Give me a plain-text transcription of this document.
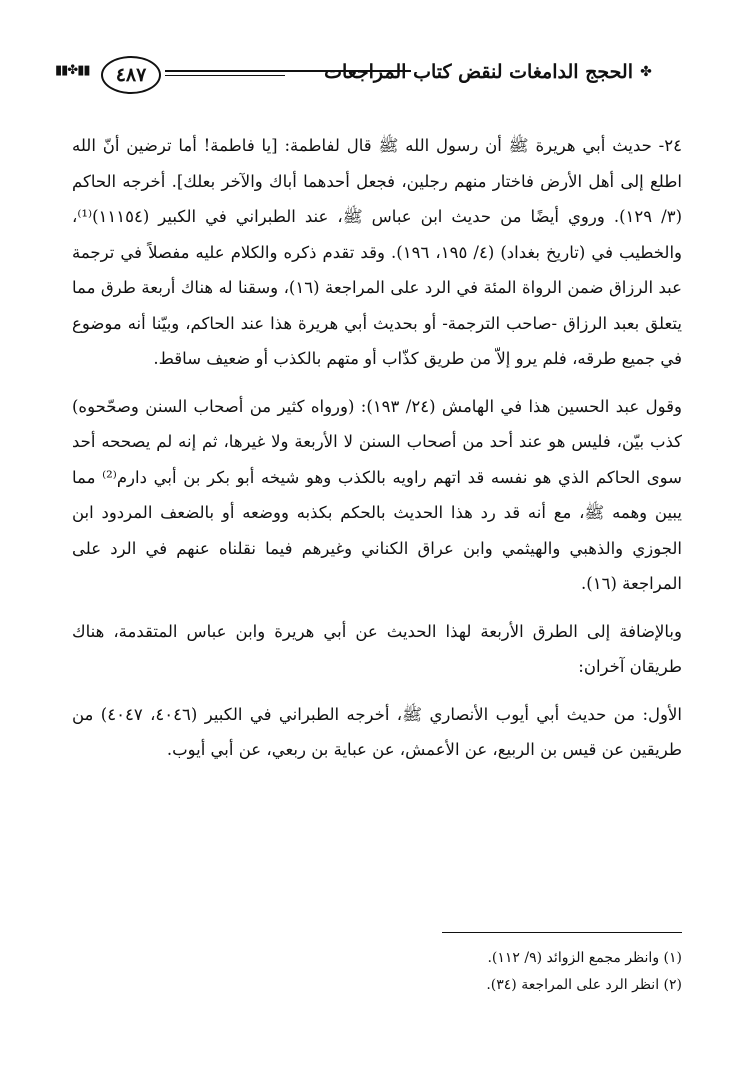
✤
الحجج الدامغات لنقض كتاب المراجعات
٤٨٧
▮▮✤▮▮

٢٤- حديث أبي هريرة ﷺ أن رسول الله ﷺ قال لفاطمة: [يا فاطمة! أما ترضين أنّ الله اطلع إلى أهل الأرض فاختار منهم رجلين، فجعل أحدهما أباك والآخر بعلك]. أخرجه الحاكم (٣/ ١٢٩). وروي أيضًا من حديث ابن عباس ﷺ، عند الطبراني في الكبير (١١١٥٤)⁽¹⁾، والخطيب في (تاريخ بغداد) (٤/ ١٩٥، ١٩٦). وقد تقدم ذكره والكلام عليه مفصلاً في ترجمة عبد الرزاق ضمن الرواة المئة في الرد على المراجعة (١٦)، وسقنا له هناك أربعة طرق مما يتعلق بعبد الرزاق -صاحب الترجمة- أو بحديث أبي هريرة هذا عند الحاكم، وبيّنا أنه موضوع في جميع طرقه، فلم يرو إلاّ من طريق كذّاب أو متهم بالكذب أو ضعيف ساقط.

وقول عبد الحسين هذا في الهامش (٢٤/ ١٩٣): (ورواه كثير من أصحاب السنن وصحّحوه) كذب بيّن، فليس هو عند أحد من أصحاب السنن لا الأربعة ولا غيرها، ثم إنه لم يصححه أحد سوى الحاكم الذي هو نفسه قد اتهم راويه بالكذب وهو شيخه أبو بكر بن أبي دارم⁽²⁾ مما يبين وهمه ﷺ، مع أنه قد رد هذا الحديث بالحكم بكذبه ووضعه أو بالضعف المردود ابن الجوزي والذهبي والهيثمي وابن عراق الكناني وغيرهم فيما نقلناه عنهم في الرد على المراجعة (١٦).

وبالإضافة إلى الطرق الأربعة لهذا الحديث عن أبي هريرة وابن عباس المتقدمة، هناك طريقان آخران:

الأول: من حديث أبي أيوب الأنصاري ﷺ، أخرجه الطبراني في الكبير (٤٠٤٦، ٤٠٤٧) من طريقين عن قيس بن الربيع، عن الأعمش، عن عباية بن ربعي، عن أبي أيوب.

(١) وانظر مجمع الزوائد (٩/ ١١٢).
(٢) انظر الرد على المراجعة (٣٤).
